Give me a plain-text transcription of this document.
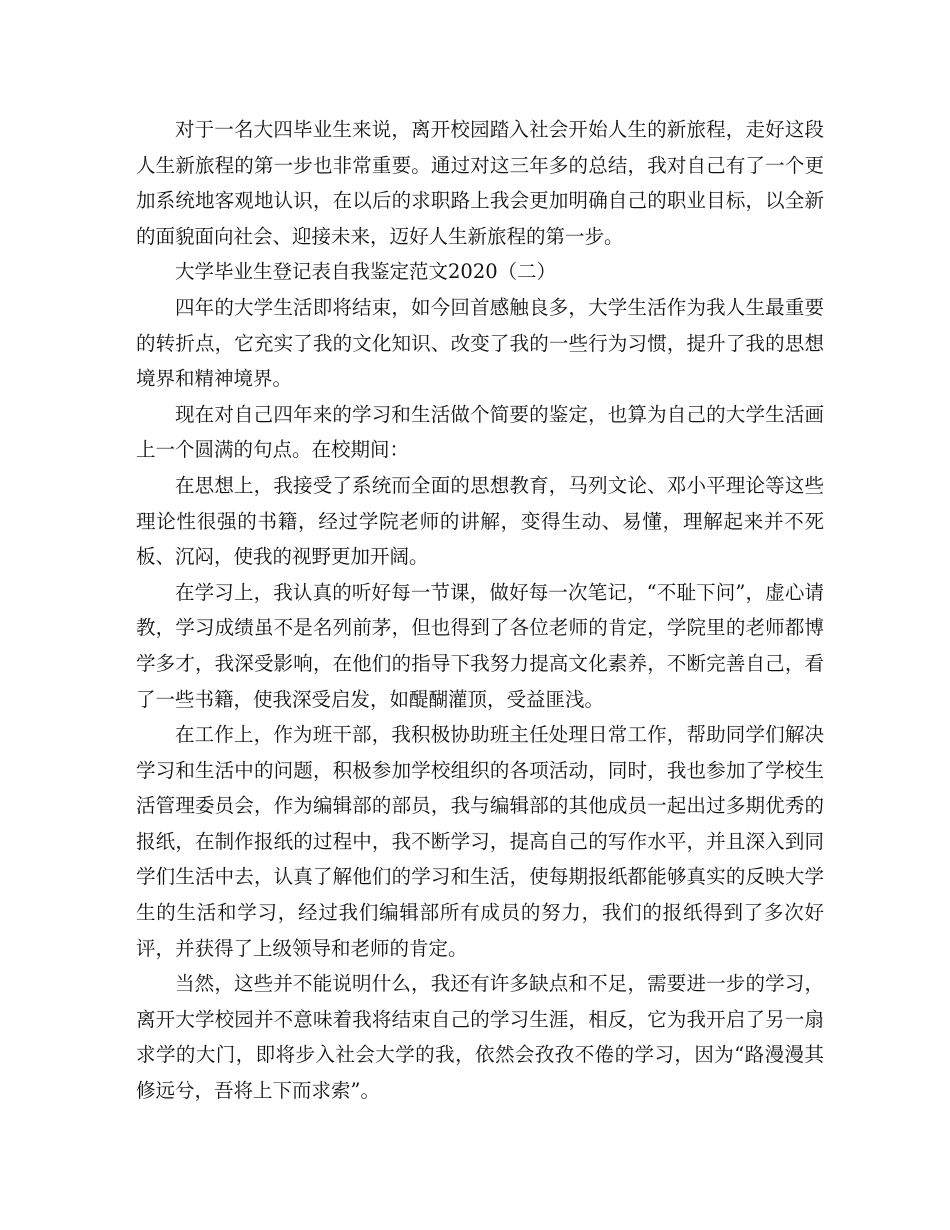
对于一名大四毕业生来说，离开校园踏入社会开始人生的新旅程，走好这段人生新旅程的第一步也非常重要。通过对这三年多的总结，我对自己有了一个更加系统地客观地认识，在以后的求职路上我会更加明确自己的职业目标，以全新的面貌面向社会、迎接未来，迈好人生新旅程的第一步。

大学毕业生登记表自我鉴定范文2020（二）

四年的大学生活即将结束，如今回首感触良多，大学生活作为我人生最重要的转折点，它充实了我的文化知识、改变了我的一些行为习惯，提升了我的思想境界和精神境界。

现在对自己四年来的学习和生活做个简要的鉴定，也算为自己的大学生活画上一个圆满的句点。在校期间：

在思想上，我接受了系统而全面的思想教育，马列文论、邓小平理论等这些理论性很强的书籍，经过学院老师的讲解，变得生动、易懂，理解起来并不死板、沉闷，使我的视野更加开阔。

在学习上，我认真的听好每一节课，做好每一次笔记，“不耻下问”，虚心请教，学习成绩虽不是名列前茅，但也得到了各位老师的肯定，学院里的老师都博学多才，我深受影响，在他们的指导下我努力提高文化素养，不断完善自己，看了一些书籍，使我深受启发，如醍醐灌顶，受益匪浅。

在工作上，作为班干部，我积极协助班主任处理日常工作，帮助同学们解决学习和生活中的问题，积极参加学校组织的各项活动，同时，我也参加了学校生活管理委员会，作为编辑部的部员，我与编辑部的其他成员一起出过多期优秀的报纸，在制作报纸的过程中，我不断学习，提高自己的写作水平，并且深入到同学们生活中去，认真了解他们的学习和生活，使每期报纸都能够真实的反映大学生的生活和学习，经过我们编辑部所有成员的努力，我们的报纸得到了多次好评，并获得了上级领导和老师的肯定。

当然，这些并不能说明什么，我还有许多缺点和不足，需要进一步的学习，离开大学校园并不意味着我将结束自己的学习生涯，相反，它为我开启了另一扇求学的大门，即将步入社会大学的我，依然会孜孜不倦的学习，因为“路漫漫其修远兮，吾将上下而求索”。
